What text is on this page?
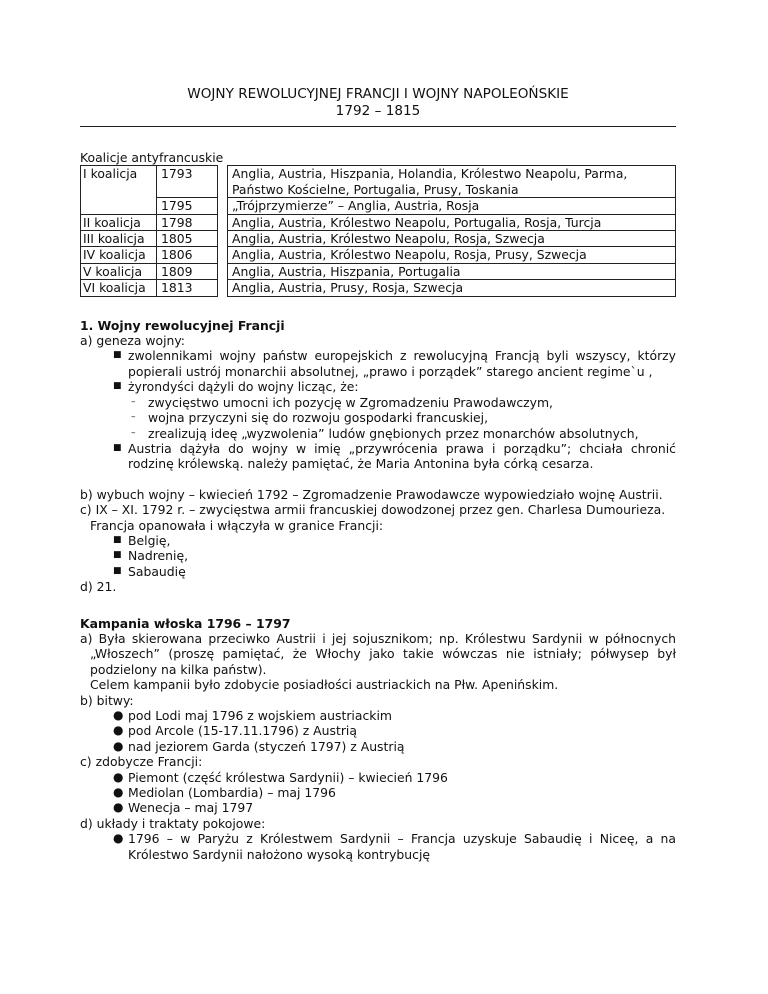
WOJNY REWOLUCYJNEJ FRANCJI I WOJNY NAPOLEOŃSKIE

1792 – 1815

Koalicje antyfrancuskie

I koalicja	1793		Anglia, Austria, Hiszpania, Holandia, Królestwo Neapolu, Parma, Państwo Kościelne, Portugalia, Prusy, Toskania
	1795		„Trójprzymierze” – Anglia, Austria, Rosja
II koalicja	1798		Anglia, Austria, Królestwo Neapolu, Portugalia, Rosja, Turcja
III koalicja	1805		Anglia, Austria, Królestwo Neapolu, Rosja, Szwecja
IV koalicja	1806		Anglia, Austria, Królestwo Neapolu, Rosja, Prusy, Szwecja
V koalicja	1809		Anglia, Austria, Hiszpania, Portugalia
VI koalicja	1813		Anglia, Austria, Prusy, Rosja, Szwecja

1. Wojny rewolucyjnej Francji

a) geneza wojny:

■ zwolennikami wojny państw europejskich z rewolucyjną Francją byli wszyscy, którzy popierali ustrój monarchii absolutnej, „prawo i porządek” starego ancient regime`u ,
■ żyrondyści dążyli do wojny licząc, że:
– zwycięstwo umocni ich pozycję w Zgromadzeniu Prawodawczym,
– wojna przyczyni się do rozwoju gospodarki francuskiej,
– zrealizują ideę „wyzwolenia” ludów gnębionych przez monarchów absolutnych,
■ Austria dążyła do wojny w imię „przywrócenia prawa i porządku”; chciała chronić rodzinę królewską. należy pamiętać, że Maria Antonina była córką cesarza.

b) wybuch wojny – kwiecień 1792 – Zgromadzenie Prawodawcze wypowiedziało wojnę Austrii.

c) IX – XI. 1792 r. – zwycięstwa armii francuskiej dowodzonej przez gen. Charlesa Dumourieza.

Francja opanowała i włączyła w granice Francji:

■ Belgię,
■ Nadrenię,
■ Sabaudię

d) 21.

Kampania włoska 1796 – 1797

a) Była skierowana przeciwko Austrii i jej sojusznikom; np. Królestwu Sardynii w północnych „Włoszech” (proszę pamiętać, że Włochy jako takie wówczas nie istniały; półwysep był podzielony na kilka państw).

Celem kampanii było zdobycie posiadłości austriackich na Płw. Apenińskim.

b) bitwy:

● pod Lodi maj 1796 z wojskiem austriackim
● pod Arcole (15-17.11.1796) z Austrią
● nad jeziorem Garda (styczeń 1797) z Austrią

c) zdobycze Francji:

● Piemont (część królestwa Sardynii) – kwiecień 1796
● Mediolan (Lombardia) – maj 1796
● Wenecja – maj 1797

d) układy i traktaty pokojowe:

● 1796 – w Paryżu z Królestwem Sardynii – Francja uzyskuje Sabaudię i Niceę, a na Królestwo Sardynii nałożono wysoką kontrybucję
